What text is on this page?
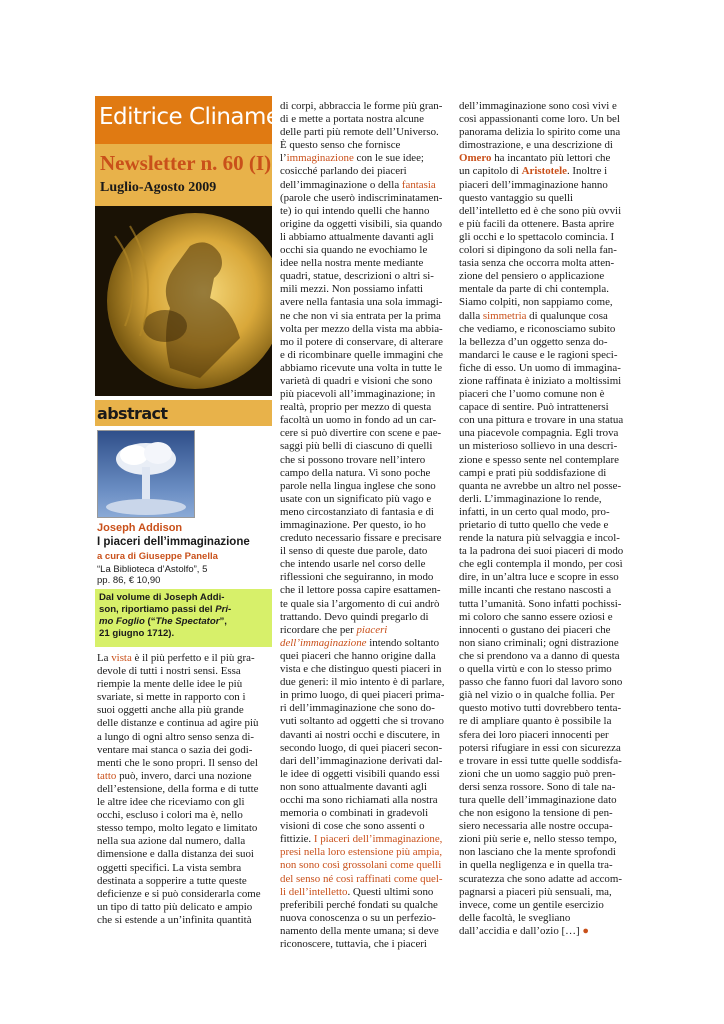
Editrice Clinamen
Newsletter n. 60 (I)
Luglio-Agosto 2009
abstract
Joseph Addison
I piaceri dell’immaginazione
a cura di Giuseppe Panella
“La Biblioteca d’Astolfo”, 5
pp. 86, € 10,90
Dal volume di Joseph Addi-
son, riportiamo passi del Pri-
mo Foglio (“The Spectator”,
21 giugno 1712).
La vista è il più perfetto e il più gra-
devole di tutti i nostri sensi. Essa
riempie la mente delle idee le più
svariate, si mette in rapporto con i
suoi oggetti anche alla più grande
delle distanze e continua ad agire più
a lungo di ogni altro senso senza di-
ventare mai stanca o sazia dei godi-
menti che le sono propri. Il senso del
tatto può, invero, darci una nozione
dell’estensione, della forma e di tutte
le altre idee che riceviamo con gli
occhi, escluso i colori ma è, nello
stesso tempo, molto legato e limitato
nella sua azione dal numero, dalla
dimensione e dalla distanza dei suoi
oggetti specifici. La vista sembra
destinata a sopperire a tutte queste
deficienze e si può considerarla come
un tipo di tatto più delicato e ampio
che si estende a un’infinita quantità
di corpi, abbraccia le forme più gran-
di e mette a portata nostra alcune
delle parti più remote dell’Universo.
È questo senso che fornisce
l’immaginazione con le sue idee;
cosicché parlando dei piaceri
dell’immaginazione o della fantasia
(parole che userò indiscriminatamen-
te) io qui intendo quelli che hanno
origine da oggetti visibili, sia quando
li abbiamo attualmente davanti agli
occhi sia quando ne evochiamo le
idee nella nostra mente mediante
quadri, statue, descrizioni o altri si-
mili mezzi. Non possiamo infatti
avere nella fantasia una sola immagi-
ne che non vi sia entrata per la prima
volta per mezzo della vista ma abbia-
mo il potere di conservare, di alterare
e di ricombinare quelle immagini che
abbiamo ricevute una volta in tutte le
varietà di quadri e visioni che sono
più piacevoli all’immaginazione; in
realtà, proprio per mezzo di questa
facoltà un uomo in fondo ad un car-
cere si può divertire con scene e pae-
saggi più belli di ciascuno di quelli
che si possono trovare nell’intero
campo della natura. Vi sono poche
parole nella lingua inglese che sono
usate con un significato più vago e
meno circostanziato di fantasia e di
immaginazione. Per questo, io ho
creduto necessario fissare e precisare
il senso di queste due parole, dato
che intendo usarle nel corso delle
riflessioni che seguiranno, in modo
che il lettore possa capire esattamen-
te quale sia l’argomento di cui andrò
trattando. Devo quindi pregarlo di
ricordare che per piaceri
dell’immaginazione intendo soltanto
quei piaceri che hanno origine dalla
vista e che distinguo questi piaceri in
due generi: il mio intento è di parlare,
in primo luogo, di quei piaceri prima-
ri dell’immaginazione che sono do-
vuti soltanto ad oggetti che si trovano
davanti ai nostri occhi e discutere, in
secondo luogo, di quei piaceri secon-
dari dell’immaginazione derivati dal-
le idee di oggetti visibili quando essi
non sono attualmente davanti agli
occhi ma sono richiamati alla nostra
memoria o combinati in gradevoli
visioni di cose che sono assenti o
fittizie. I piaceri dell’immaginazione,
presi nella loro estensione più ampia,
non sono così grossolani come quelli
del senso né così raffinati come quel-
li dell’intelletto. Questi ultimi sono
preferibili perché fondati su qualche
nuova conoscenza o su un perfezio-
namento della mente umana; si deve
riconoscere, tuttavia, che i piaceri
dell’immaginazione sono così vivi e
così appassionanti come loro. Un bel
panorama delizia lo spirito come una
dimostrazione, e una descrizione di
Omero ha incantato più lettori che
un capitolo di Aristotele. Inoltre i
piaceri dell’immaginazione hanno
questo vantaggio su quelli
dell’intelletto ed è che sono più ovvii
e più facili da ottenere. Basta aprire
gli occhi e lo spettacolo comincia. I
colori si dipingono da soli nella fan-
tasia senza che occorra molta atten-
zione del pensiero o applicazione
mentale da parte di chi contempla.
Siamo colpiti, non sappiamo come,
dalla simmetria di qualunque cosa
che vediamo, e riconosciamo subito
la bellezza d’un oggetto senza do-
mandarci le cause e le ragioni speci-
fiche di esso. Un uomo di immagina-
zione raffinata è iniziato a moltissimi
piaceri che l’uomo comune non è
capace di sentire. Può intrattenersi
con una pittura e trovare in una statua
una piacevole compagnia. Egli trova
un misterioso sollievo in una descri-
zione e spesso sente nel contemplare
campi e prati più soddisfazione di
quanta ne avrebbe un altro nel posse-
derli. L’immaginazione lo rende,
infatti, in un certo qual modo, pro-
prietario di tutto quello che vede e
rende la natura più selvaggia e incol-
ta la padrona dei suoi piaceri di modo
che egli contempla il mondo, per così
dire, in un’altra luce e scopre in esso
mille incanti che restano nascosti a
tutta l’umanità. Sono infatti pochissi-
mi coloro che sanno essere oziosi e
innocenti o gustano dei piaceri che
non siano criminali; ogni distrazione
che si prendono va a danno di questa
o quella virtù e con lo stesso primo
passo che fanno fuori dal lavoro sono
già nel vizio o in qualche follia. Per
questo motivo tutti dovrebbero tenta-
re di ampliare quanto è possibile la
sfera dei loro piaceri innocenti per
potersi rifugiare in essi con sicurezza
e trovare in essi tutte quelle soddisfa-
zioni che un uomo saggio può pren-
dersi senza rossore. Sono di tale na-
tura quelle dell’immaginazione dato
che non esigono la tensione di pen-
siero necessaria alle nostre occupa-
zioni più serie e, nello stesso tempo,
non lasciano che la mente sprofondi
in quella negligenza e in quella tra-
scuratezza che sono adatte ad accom-
pagnarsi a piaceri più sensuali, ma,
invece, come un gentile esercizio
delle facoltà, le svegliano
dall’accidia e dall’ozio […] ●
